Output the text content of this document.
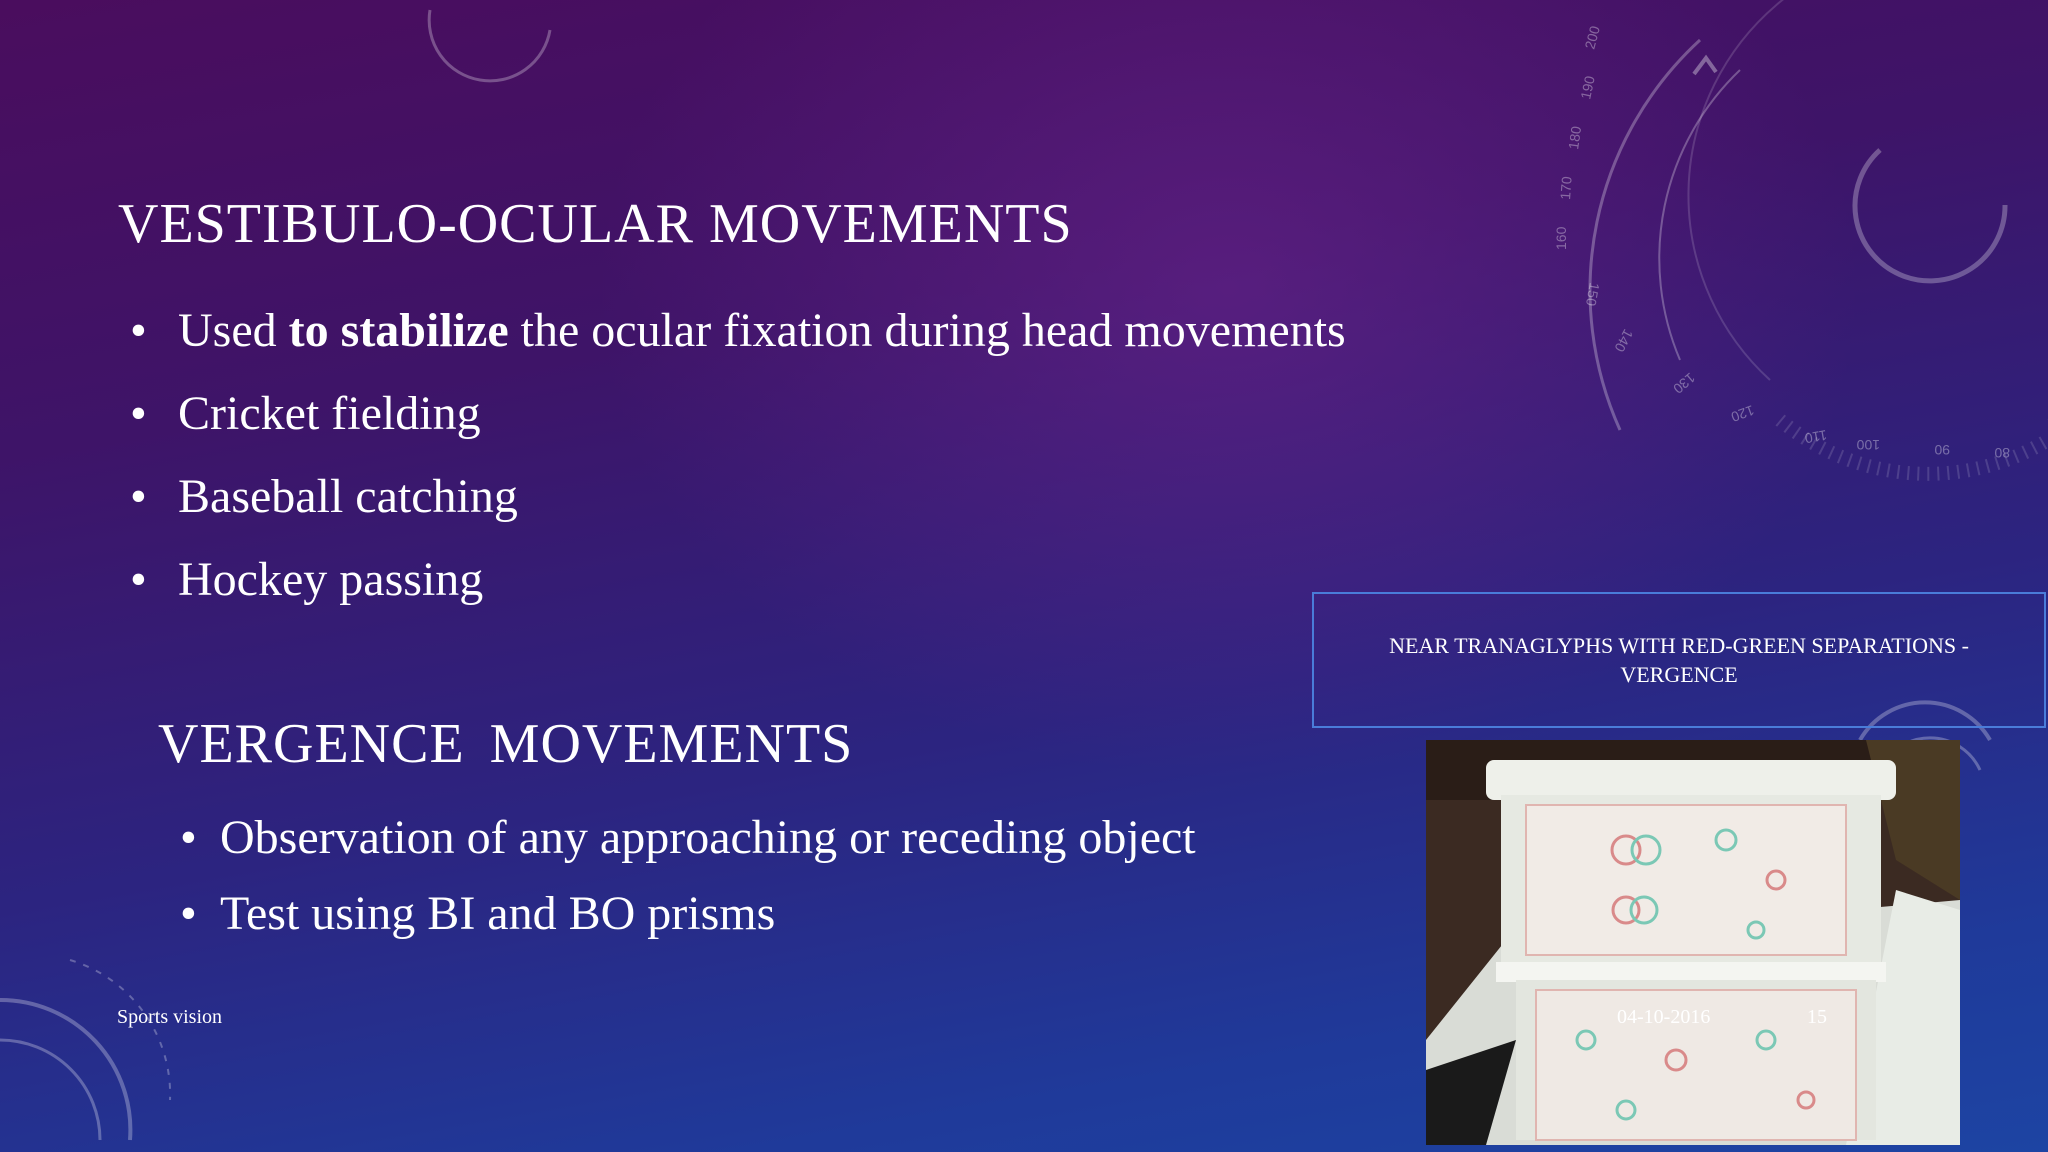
200
190
180
170
160
150
140
130
120
110 100	90	80
VESTIBULO-OCULAR MOVEMENTS
• Used to stabilize the ocular fixation during head movements
• Cricket fielding
• Baseball catching
• Hockey passing
VERGENCE MOVEMENTS
• Observation of any approaching or receding object
• Test using BI and BO prisms
NEAR TRANAGLYPHS WITH RED-GREEN SEPARATIONS - VERGENCE
Sports vision	04-10-2016	15
